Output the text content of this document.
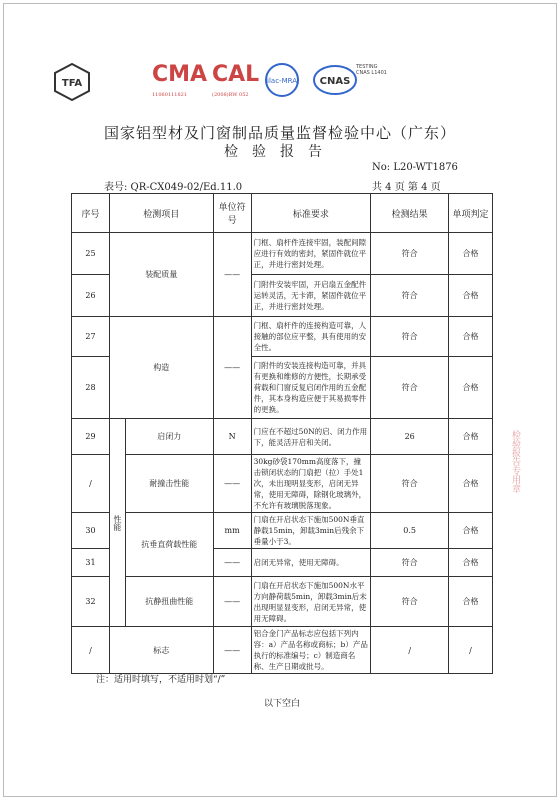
TFA	CMA
11060111821
CAL
(2008)RW 052
ilac-MRA CNAS
TESTING
CNAS L1401
国家铝型材及门窗制品质量监督检验中心（广东）
检验报告
No: L20-WT1876
表号: QR-CX049-02/Ed.11.0	共 4 页 第 4 页
序号	检测项目		单位符号	标准要求	检测结果	单项判定
25	装配质量		——	门框、扇杆件连接牢固，装配间隙应进行有效的密封，紧固件就位平正，并进行密封处理。	符合	合格
26				门附件安装牢固，开启扇五金配件运转灵活，无卡滞，紧固件就位平正，并进行密封处理。	符合	合格
27	构造		——	门框、扇杆件的连接构造可靠，人接触的部位应平整，具有使用的安全性。	符合	合格
28				门附件的安装连接构造可靠，并具有更换和维修的方便性，长期承受荷载和门窗反复启闭作用的五金配件，其本身构造应便于其易损零件的更换。	符合	合格
29	性能	启闭力	N	门应在不超过50N的启、闭力作用下，能灵活开启和关闭。	26	合格
/		耐撞击性能	——	30kg砂袋170mm高度落下，撞击锁闭状态的门扇把（拉）手处1次，未出现明显变形，启闭无异常，使用无障碍，除钢化玻璃外，不允许有玻璃脱落现象。	符合	合格
30		抗垂直荷载性能	mm	门扇在开启状态下施加500N垂直静载15min，卸载3min后残余下垂量小于3。	0.5	合格
31			——	启闭无异常，使用无障碍。	符合	合格
32		抗静扭曲性能	——	门扇在开启状态下施加500N水平方向静荷载5min，卸载3min后未出现明显显变形，启闭无异常，使用无障碍。	符合	合格
/	标志		——	铝合金门产品标志应包括下列内容：a）产品名称或商标；b）产品执行的标准编号；c）制造商名称、生产日期或批号。	/	/
注：适用时填写，不适用时划“/”
以下空白
检验报告专用章
